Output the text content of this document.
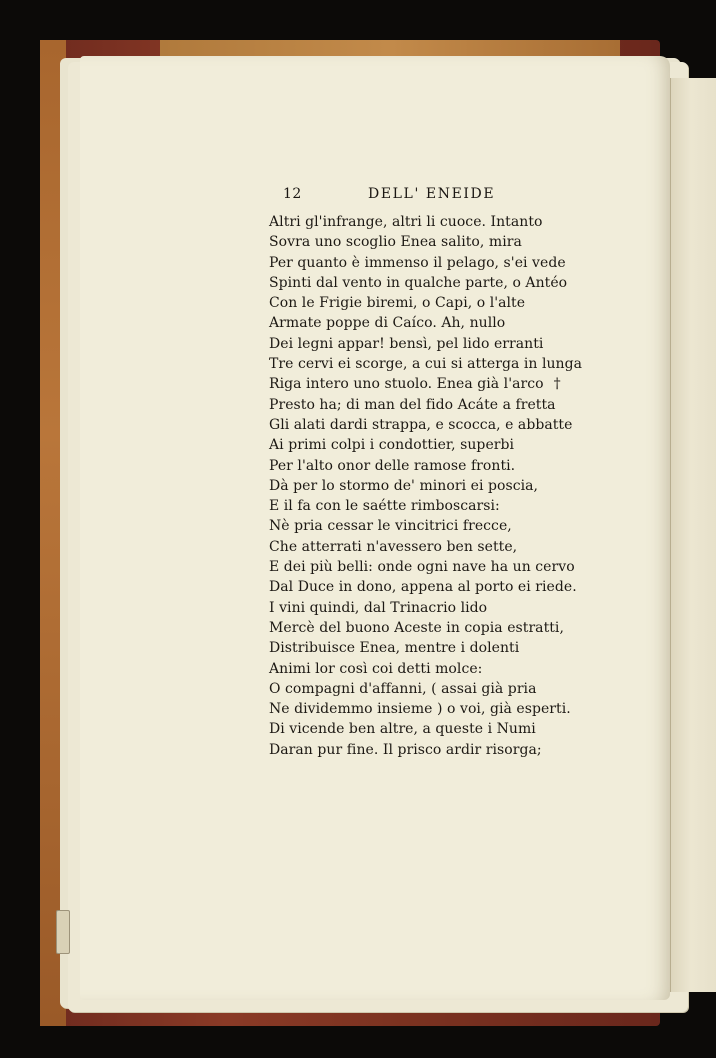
12	DELL' ENEIDE
Altri gl'infrange, altri li cuoce. Intanto
Sovra uno scoglio Enea salito, mira
Per quanto è immenso il pelago, s'ei vede
Spinti dal vento in qualche parte, o Antéo
Con le Frigie biremi, o Capi, o l'alte
Armate poppe di Caíco. Ah, nullo
Dei legni appar! bensì, pel lido erranti
Tre cervi ei scorge, a cui si atterga in lunga
Riga intero uno stuolo. Enea già l'arco †
Presto ha; di man del fido Acáte a fretta
Gli alati dardi strappa, e scocca, e abbatte
Ai primi colpi i condottier, superbi
Per l'alto onor delle ramose fronti.
Dà per lo stormo de' minori ei poscia,
E il fa con le saétte rimboscarsi:
Nè pria cessar le vincitrici frecce,
Che atterrati n'avessero ben sette,
E dei più belli: onde ogni nave ha un cervo
Dal Duce in dono, appena al porto ei riede.
I vini quindi, dal Trinacrio lido
Mercè del buono Aceste in copia estratti,
Distribuisce Enea, mentre i dolenti
Animi lor così coi detti molce:
O compagni d'affanni, ( assai già pria
Ne dividemmo insieme ) o voi, già esperti.
Di vicende ben altre, a queste i Numi
Daran pur fine. Il prisco ardir risorga;
